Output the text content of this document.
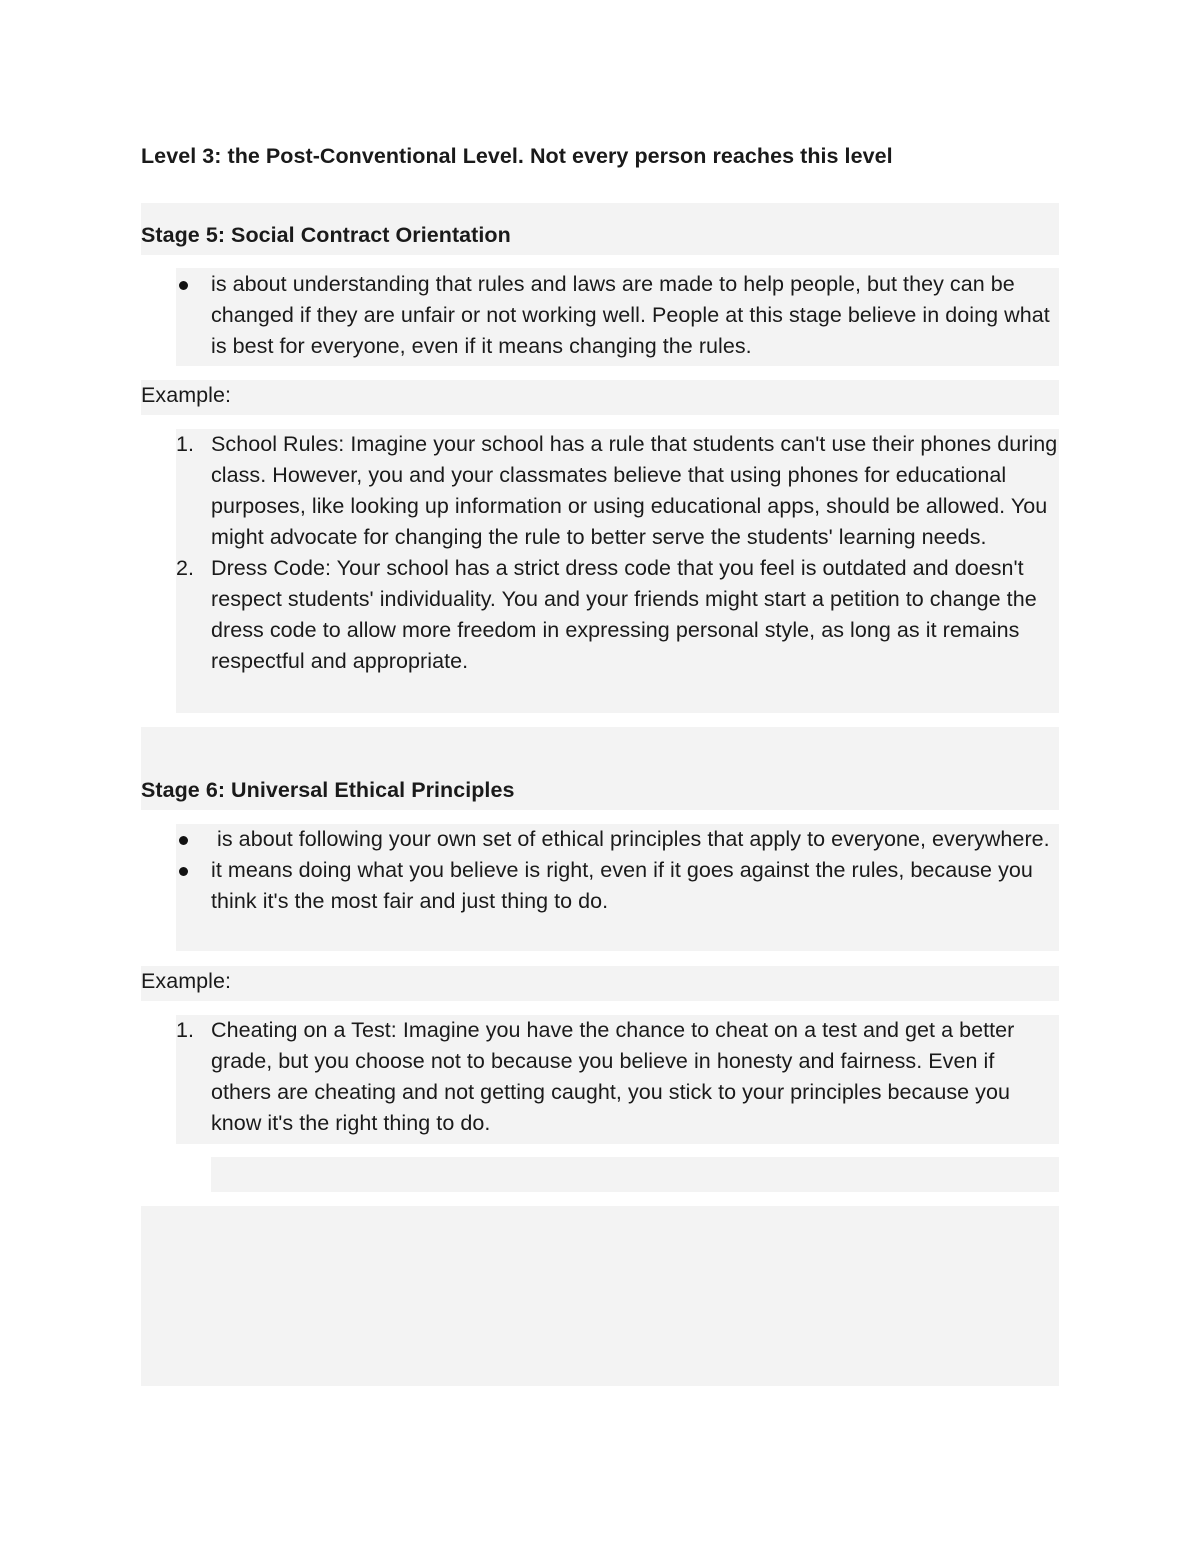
Level 3: the Post-Conventional Level. Not every person reaches this level
Stage 5: Social Contract Orientation
is about understanding that rules and laws are made to help people, but they can be changed if they are unfair or not working well. People at this stage believe in doing what is best for everyone, even if it means changing the rules.
Example:
1. School Rules: Imagine your school has a rule that students can't use their phones during class. However, you and your classmates believe that using phones for educational purposes, like looking up information or using educational apps, should be allowed. You might advocate for changing the rule to better serve the students' learning needs.
2. Dress Code: Your school has a strict dress code that you feel is outdated and doesn't respect students' individuality. You and your friends might start a petition to change the dress code to allow more freedom in expressing personal style, as long as it remains respectful and appropriate.
Stage 6: Universal Ethical Principles
is about following your own set of ethical principles that apply to everyone, everywhere.
it means doing what you believe is right, even if it goes against the rules, because you think it's the most fair and just thing to do.
Example:
1. Cheating on a Test: Imagine you have the chance to cheat on a test and get a better grade, but you choose not to because you believe in honesty and fairness. Even if others are cheating and not getting caught, you stick to your principles because you know it's the right thing to do.
